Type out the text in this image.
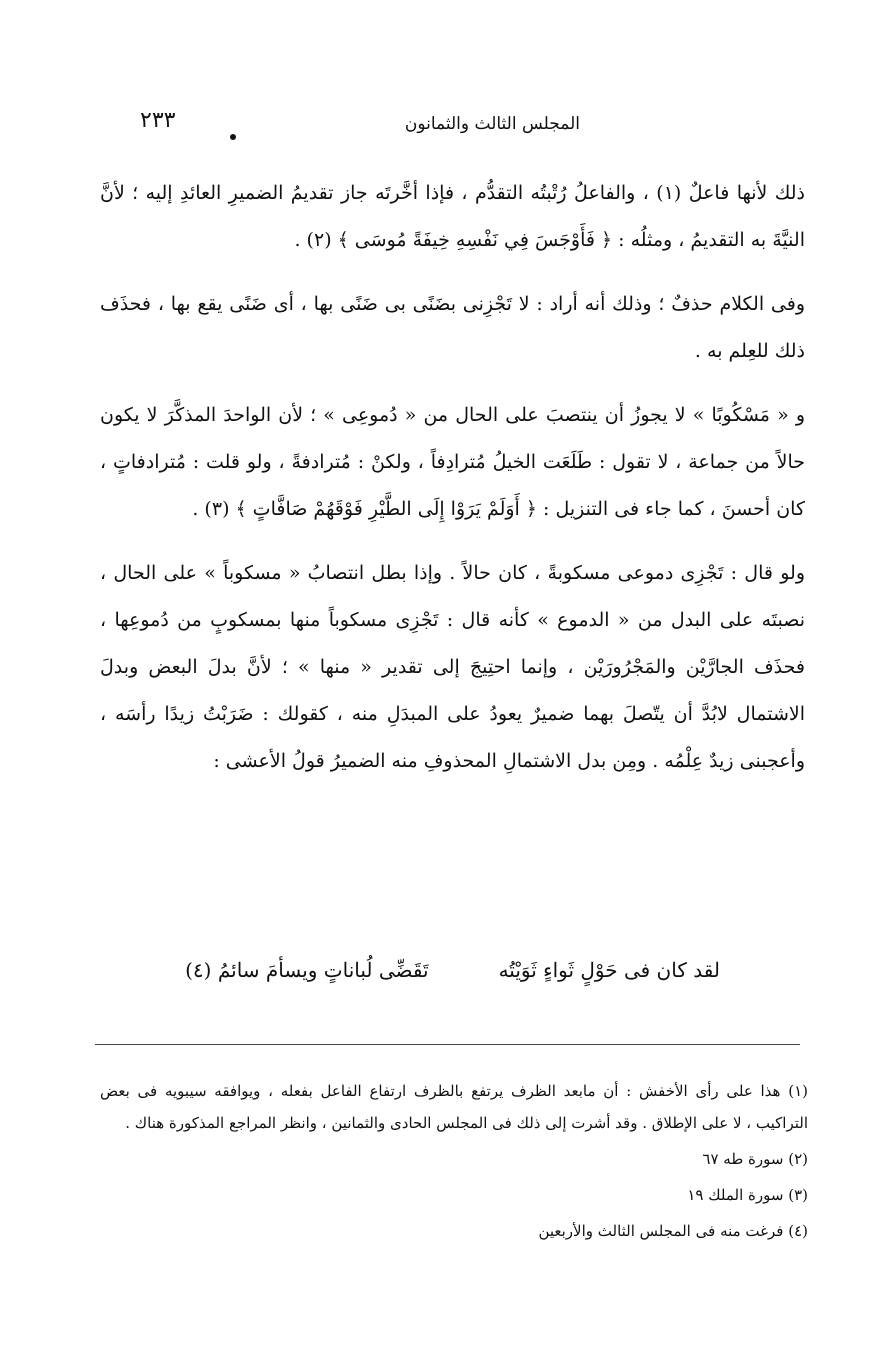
المجلس الثالث والثمانون
٢٣٣

ذلك لأنها فاعلٌ (١) ، والفاعلُ رُتْبتُه التقدُّم ، فإذا أخَّرتَه جاز تقديمُ الضميرِ العائدِ إليه ؛ لأنَّ النيَّةَ به التقديمُ ، ومثلُه : ﴿ فَأَوْجَسَ فِي نَفْسِهِ خِيفَةً مُوسَى ﴾ (٢) .

وفى الكلام حذفٌ ؛ وذلك أنه أراد : لا تَجْزِنى بضَنًى بى ضَنًى بها ، أى ضَنًى يقع بها ، فحذَف ذلك للعِلم به .

و « مَسْكُوبًا » لا يجوزُ أن ينتصبَ على الحال من « دُموعِى » ؛ لأن الواحدَ المذكَّرَ لا يكون حالاً من جماعة ، لا تقول : طَلَعَت الخيلُ مُترادِفاً ، ولكنْ : مُترادفةً ، ولو قلت : مُترادفاتٍ ، كان أحسنَ ، كما جاء فى التنزيل : ﴿ أَوَلَمْ يَرَوْا إِلَى الطَّيْرِ فَوْقَهُمْ صَافَّاتٍ ﴾ (٣) .

ولو قال : تَجْزِى دموعى مسكوبةً ، كان حالاً . وإذا بطل انتصابُ « مسكوباً » على الحال ، نصبتَه على البدل من « الدموع » كأنه قال : تَجْزِى مسكوباً منها بمسكوبٍ من دُموعِها ، فحذَف الجارَّيْن والمَجْرُورَيْن ، وإنما احتِيجَ إلى تقدير « منها » ؛ لأنَّ بدلَ البعض وبدلَ الاشتمال لابُدَّ أن يتّصلَ بهما ضميرٌ يعودُ على المبدَلِ منه ، كقولك : ضَرَبْتُ زيدًا رأسَه ، وأعجبنى زيدٌ عِلْمُه . ومِن بدل الاشتمالِ المحذوفِ منه الضميرُ قولُ الأعشى :

لقد كان فى حَوْلٍ ثَواءٍ ثَوَيْتُه
تَقَضِّى لُباناتٍ ويسأمَ سائمُ (٤)
(١) هذا على رأى الأخفش : أن مابعد الظرف يرتفع بالظرف ارتفاع الفاعل بفعله ، ويوافقه سيبويه فى بعض التراكيب ، لا على الإطلاق . وقد أشرت إلى ذلك فى المجلس الحادى والثمانين ، وانظر المراجع المذكورة هناك .
(٢) سورة طه ٦٧
(٣) سورة الملك ١٩
(٤) فرغت منه فى المجلس الثالث والأربعين
